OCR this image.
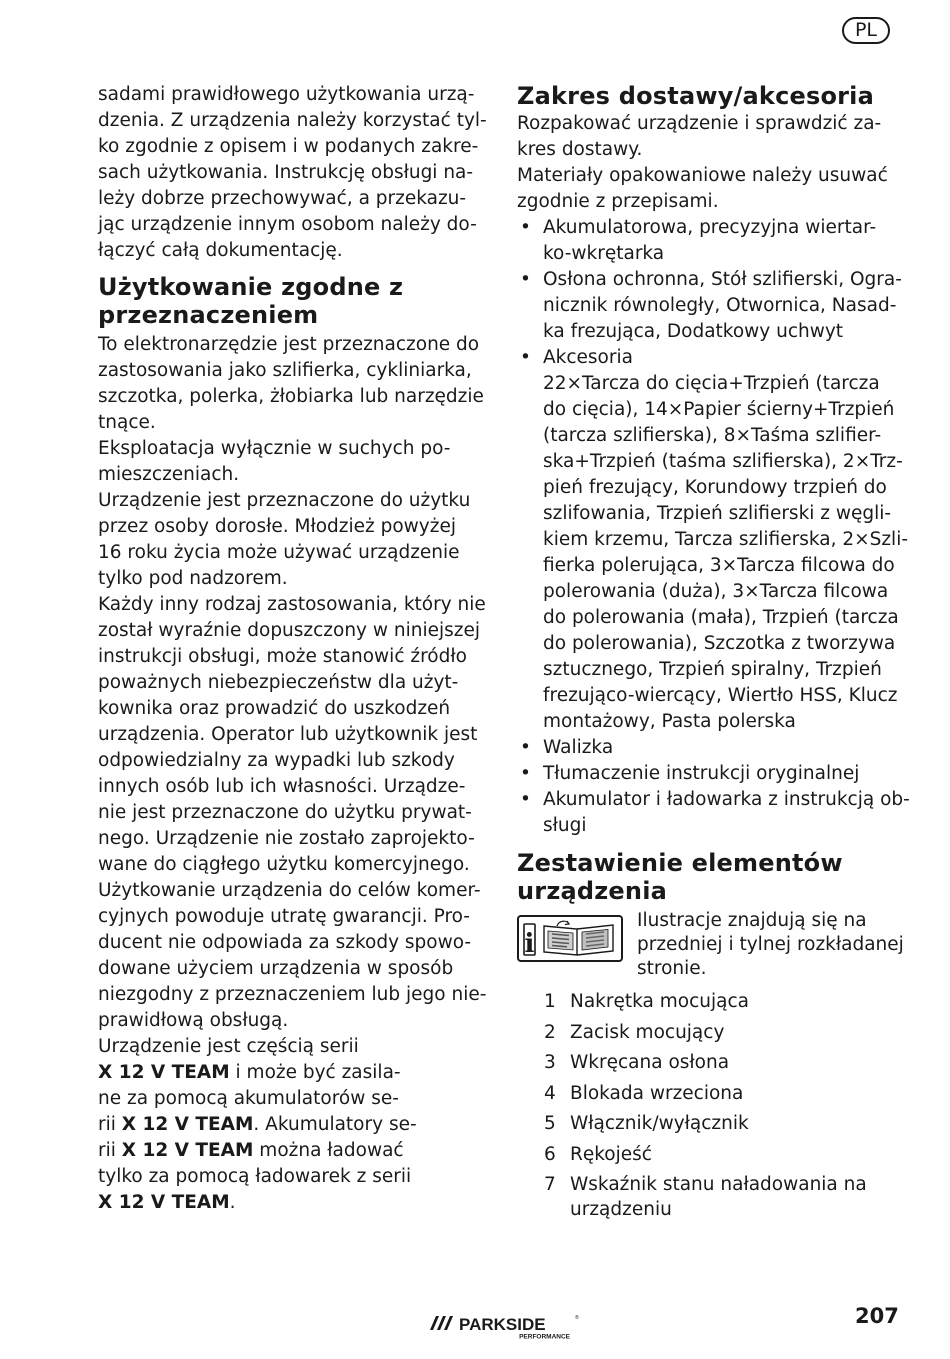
PL

sadami prawidłowego użytkowania urzą-
dzenia. Z urządzenia należy korzystać tyl-
ko zgodnie z opisem i w podanych zakre-
sach użytkowania. Instrukcję obsługi na-
leży dobrze przechowywać, a przekazu-
jąc urządzenie innym osobom należy do-
łączyć całą dokumentację.

Użytkowanie zgodne z
przeznaczeniem

To elektronarzędzie jest przeznaczone do
zastosowania jako szlifierka, cykliniarka,
szczotka, polerka, żłobiarka lub narzędzie
tnące.

Eksploatacja wyłącznie w suchych po-
mieszczeniach.

Urządzenie jest przeznaczone do użytku
przez osoby dorosłe. Młodzież powyżej
16 roku życia może używać urządzenie
tylko pod nadzorem.

Każdy inny rodzaj zastosowania, który nie
został wyraźnie dopuszczony w niniejszej
instrukcji obsługi, może stanowić źródło
poważnych niebezpieczeństw dla użyt-
kownika oraz prowadzić do uszkodzeń
urządzenia. Operator lub użytkownik jest
odpowiedzialny za wypadki lub szkody
innych osób lub ich własności. Urządze-
nie jest przeznaczone do użytku prywat-
nego. Urządzenie nie zostało zaprojekto-
wane do ciągłego użytku komercyjnego.
Użytkowanie urządzenia do celów komer-
cyjnych powoduje utratę gwarancji. Pro-
ducent nie odpowiada za szkody spowo-
dowane użyciem urządzenia w sposób
niezgodny z przeznaczeniem lub jego nie-
prawidłową obsługą.

Urządzenie jest częścią serii
X 12 V TEAM i może być zasila-
ne za pomocą akumulatorów se-
rii X 12 V TEAM. Akumulatory se-
rii X 12 V TEAM można ładować
tylko za pomocą ładowarek z serii
X 12 V TEAM.

Zakres dostawy/akcesoria

Rozpakować urządzenie i sprawdzić za-
kres dostawy.

Materiały opakowaniowe należy usuwać
zgodnie z przepisami.

• Akumulatorowa, precyzyjna wiertar-
ko-wkrętarka
• Osłona ochronna, Stół szlifierski, Ogra-
nicznik równoległy, Otwornica, Nasad-
ka frezująca, Dodatkowy uchwyt
• Akcesoria
22×Tarcza do cięcia+Trzpień (tarcza
do cięcia), 14×Papier ścierny+Trzpień
(tarcza szlifierska), 8×Taśma szlifier-
ska+Trzpień (taśma szlifierska), 2×Trz-
pień frezujący, Korundowy trzpień do
szlifowania, Trzpień szlifierski z węgli-
kiem krzemu, Tarcza szlifierska, 2×Szli-
fierka polerująca, 3×Tarcza filcowa do
polerowania (duża), 3×Tarcza filcowa
do polerowania (mała), Trzpień (tarcza
do polerowania), Szczotka z tworzywa
sztucznego, Trzpień spiralny, Trzpień
frezująco-wiercący, Wiertło HSS, Klucz
montażowy, Pasta polerska
• Walizka
• Tłumaczenie instrukcji oryginalnej
• Akumulator i ładowarka z instrukcją ob-
sługi
Zestawienie elementów
urządzenia
i
Ilustracje znajdują się na
przedniej i tylnej rozkładanej
stronie.
1 Nakrętka mocująca
2 Zacisk mocujący
3 Wkręcana osłona
4 Blokada wrzeciona
5 Włącznik/wyłącznik
6 Rękojeść
7 Wskaźnik stanu naładowania na
urządzeniu
PARKSIDE	®
PERFORMANCE
207
